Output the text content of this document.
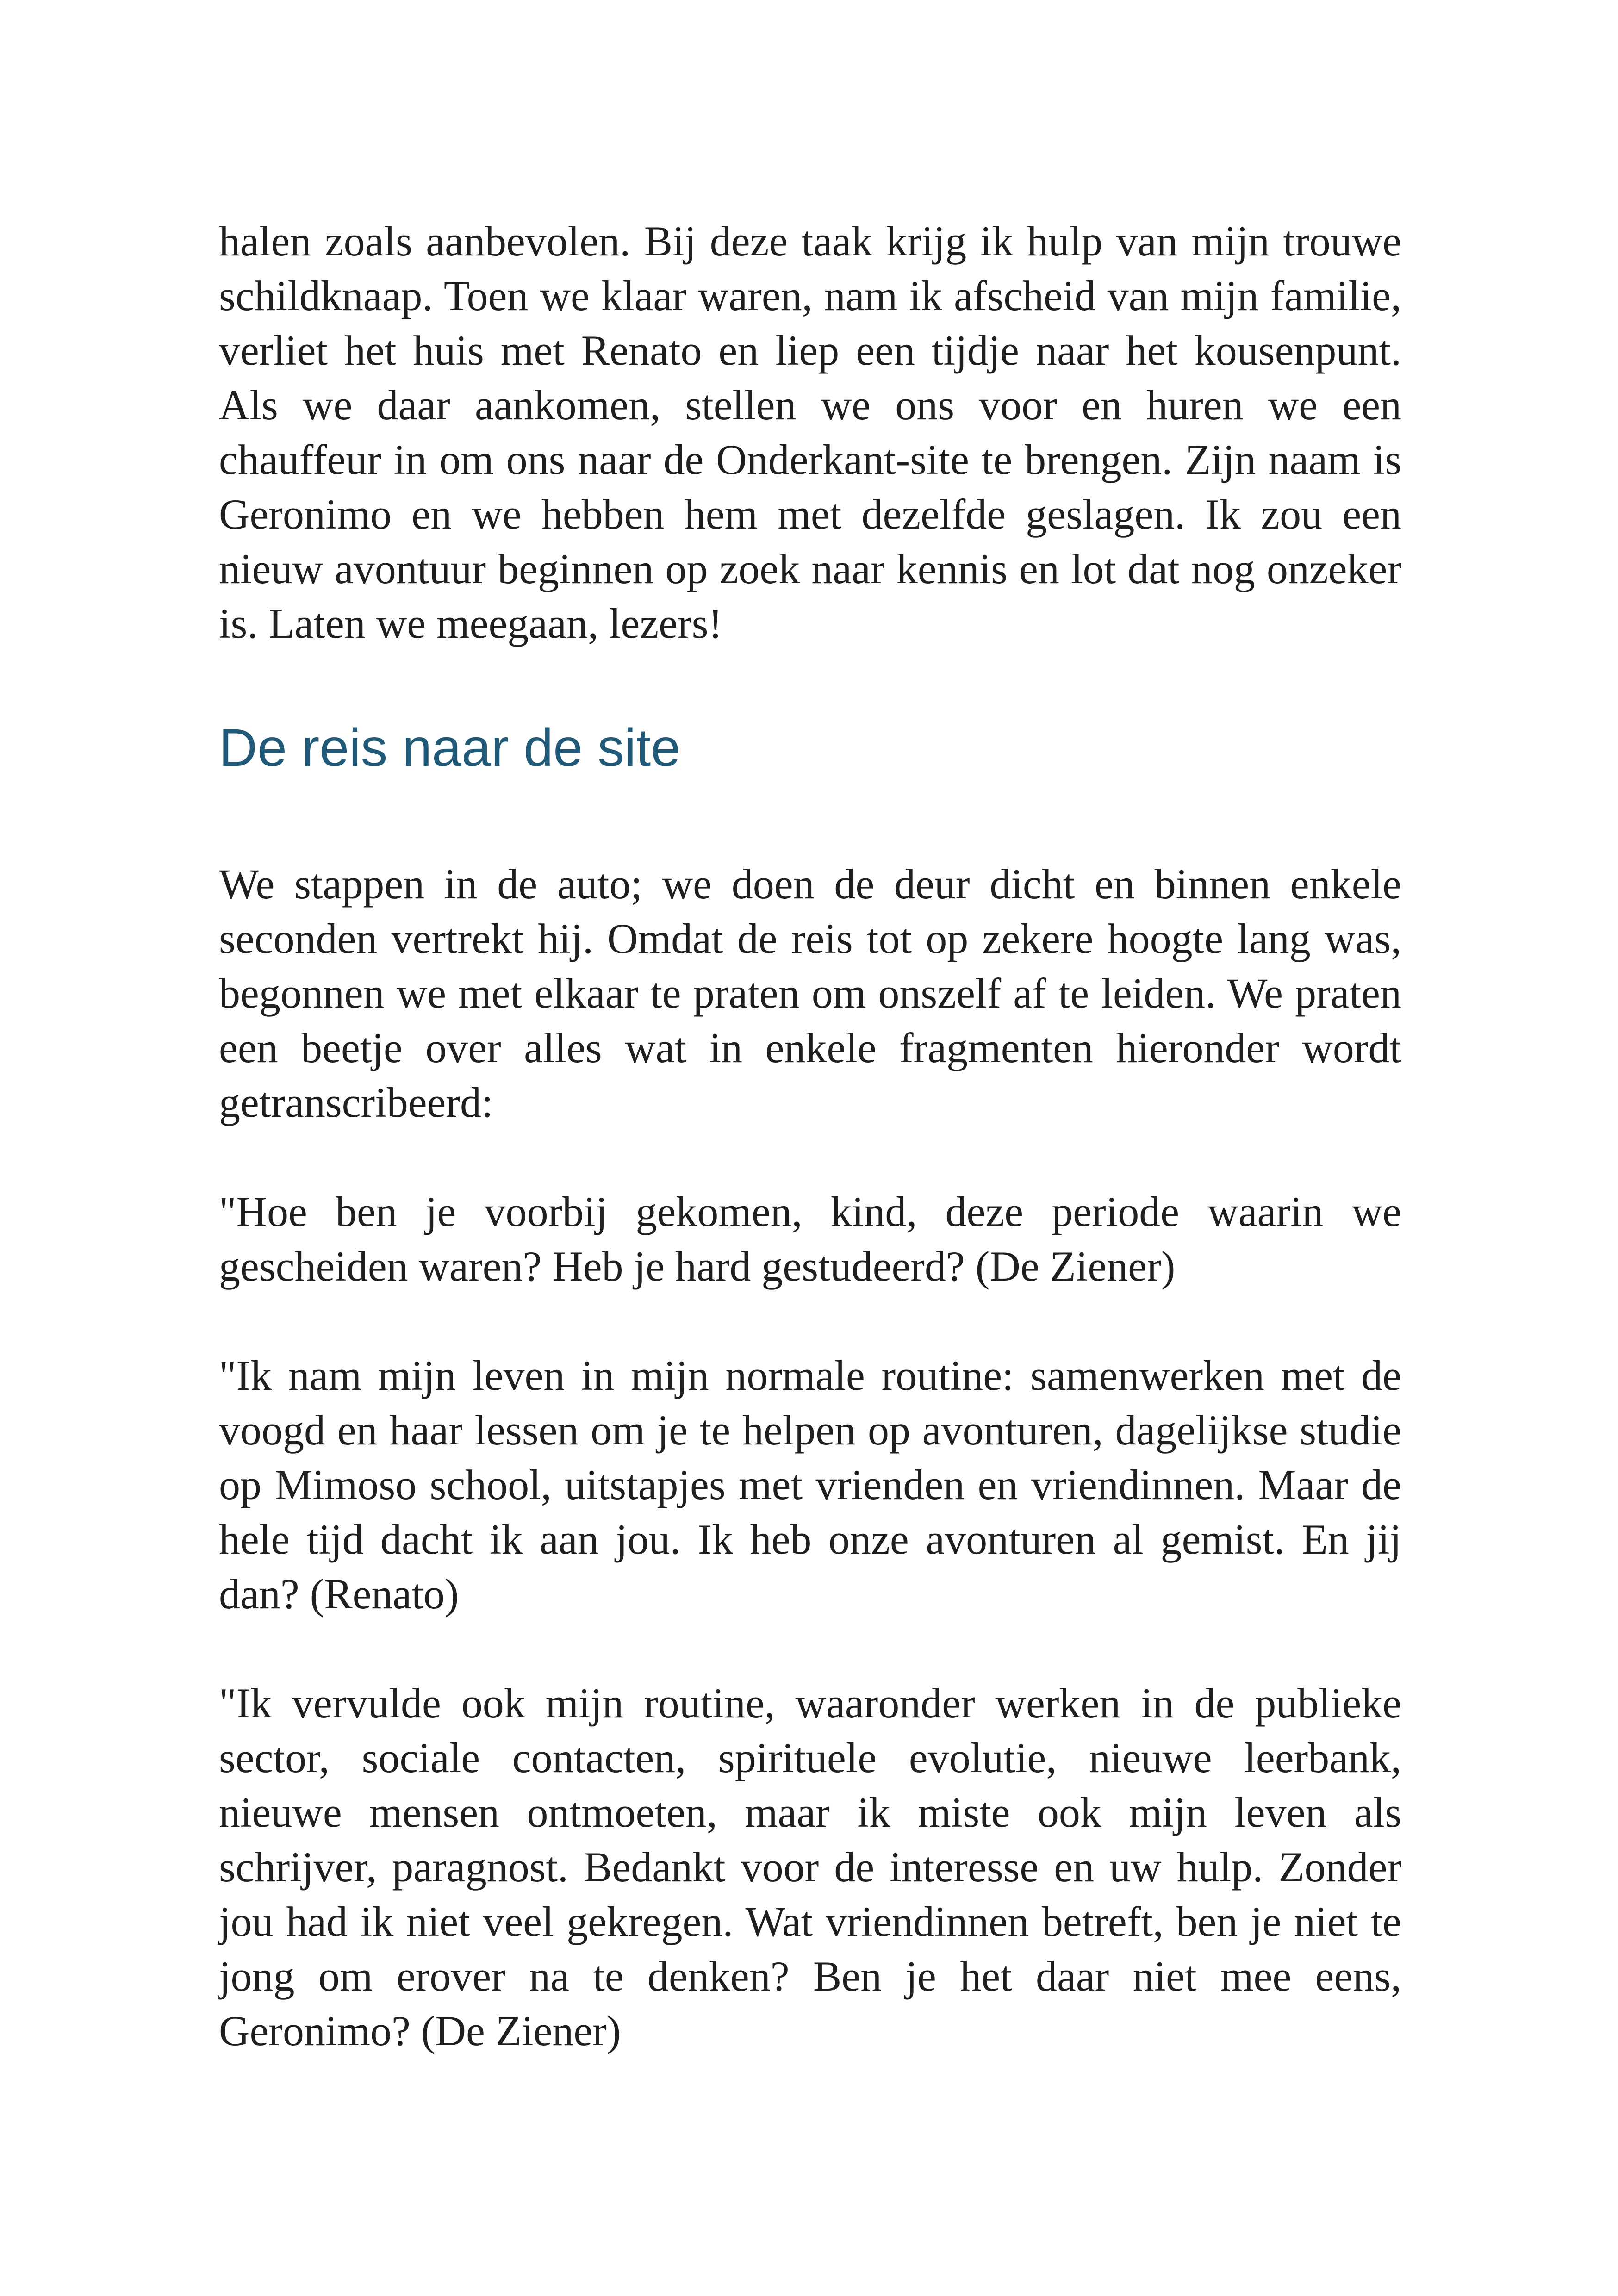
halen zoals aanbevolen. Bij deze taak krijg ik hulp van mijn trouwe schildknaap. Toen we klaar waren, nam ik afscheid van mijn familie, verliet het huis met Renato en liep een tijdje naar het kousenpunt. Als we daar aankomen, stellen we ons voor en huren we een chauffeur in om ons naar de Onderkant-site te brengen. Zijn naam is Geronimo en we hebben hem met dezelfde geslagen. Ik zou een nieuw avontuur beginnen op zoek naar kennis en lot dat nog onzeker is. Laten we meegaan, lezers!

De reis naar de site

We stappen in de auto; we doen de deur dicht en binnen enkele seconden vertrekt hij. Omdat de reis tot op zekere hoogte lang was, begonnen we met elkaar te praten om onszelf af te leiden. We praten een beetje over alles wat in enkele fragmenten hieronder wordt getranscribeerd:

"Hoe ben je voorbij gekomen, kind, deze periode waarin we gescheiden waren? Heb je hard gestudeerd? (De Ziener)

"Ik nam mijn leven in mijn normale routine: samenwerken met de voogd en haar lessen om je te helpen op avonturen, dagelijkse studie op Mimoso school, uitstapjes met vrienden en vriendinnen. Maar de hele tijd dacht ik aan jou. Ik heb onze avonturen al gemist. En jij dan? (Renato)

"Ik vervulde ook mijn routine, waaronder werken in de publieke sector, sociale contacten, spirituele evolutie, nieuwe leerbank, nieuwe mensen ontmoeten, maar ik miste ook mijn leven als schrijver, paragnost. Bedankt voor de interesse en uw hulp. Zonder jou had ik niet veel gekregen. Wat vriendinnen betreft, ben je niet te jong om erover na te denken? Ben je het daar niet mee eens, Geronimo? (De Ziener)
